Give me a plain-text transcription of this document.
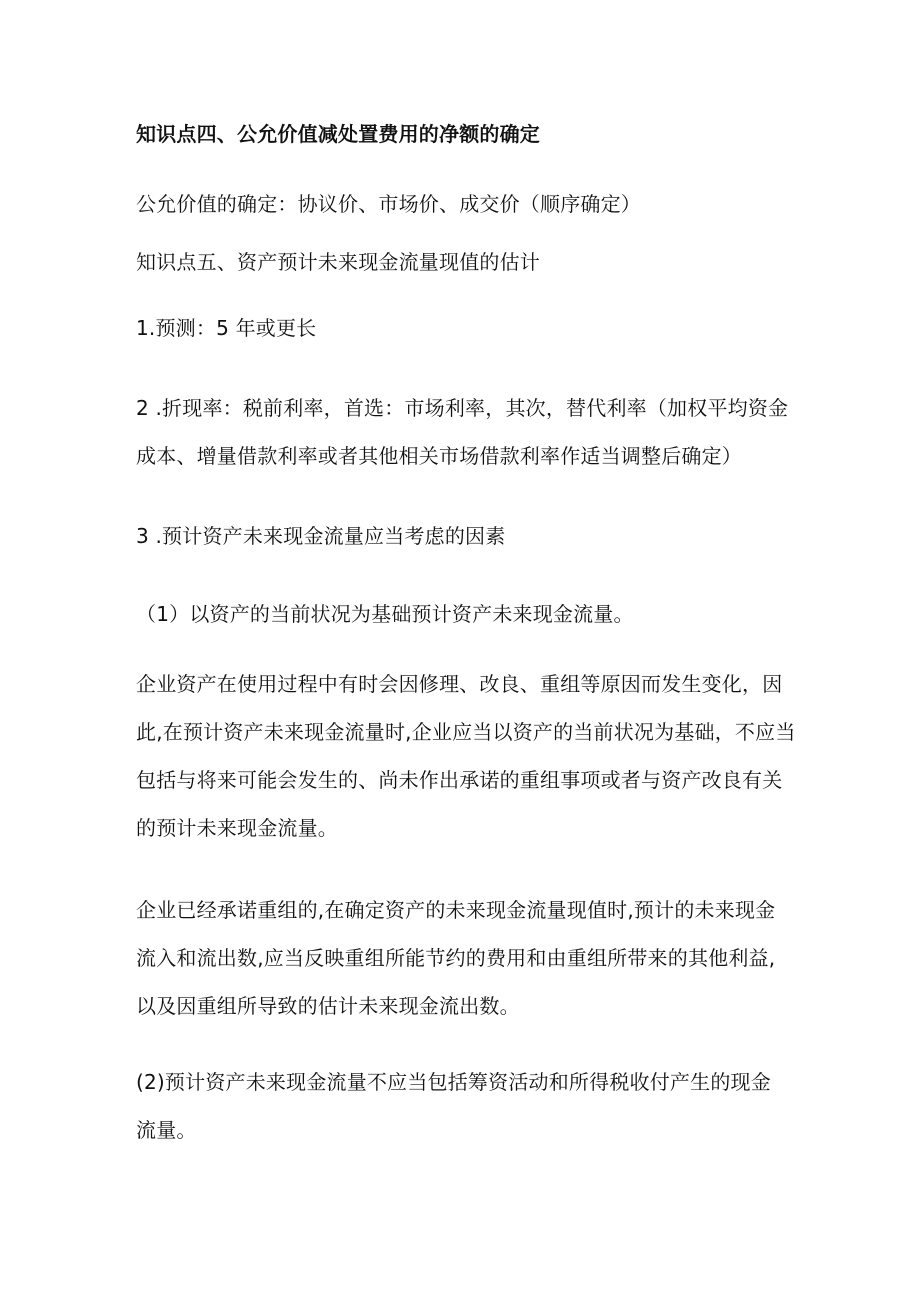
知识点四、公允价值减处置费用的净额的确定
公允价值的确定：协议价、市场价、成交价（顺序确定）
知识点五、资产预计未来现金流量现值的估计
1.预测：5 年或更长
2 .折现率：税前利率，首选：市场利率，其次，替代利率（加权平均资金
成本、增量借款利率或者其他相关市场借款利率作适当调整后确定）
3 .预计资产未来现金流量应当考虑的因素
（1）以资产的当前状况为基础预计资产未来现金流量。
企业资产在使用过程中有时会因修理、改良、重组等原因而发生变化，因
此,在预计资产未来现金流量时,企业应当以资产的当前状况为基础，不应当
包括与将来可能会发生的、尚未作出承诺的重组事项或者与资产改良有关
的预计未来现金流量。
企业已经承诺重组的,在确定资产的未来现金流量现值时,预计的未来现金
流入和流出数,应当反映重组所能节约的费用和由重组所带来的其他利益,
以及因重组所导致的估计未来现金流出数。
(2)预计资产未来现金流量不应当包括筹资活动和所得税收付产生的现金
流量。
